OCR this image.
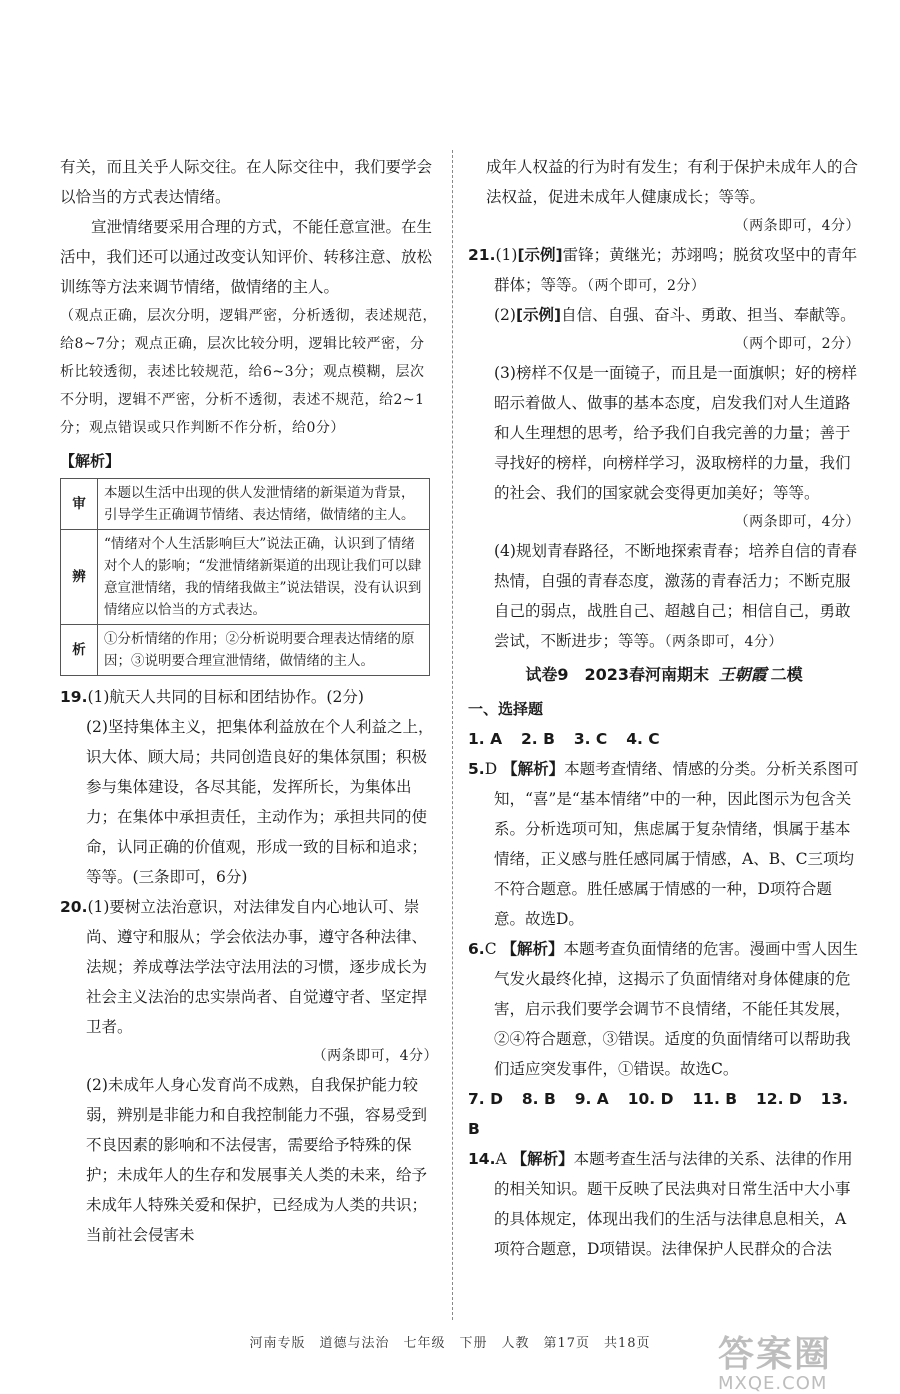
有关，而且关乎人际交往。在人际交往中，我们要学会以恰当的方式表达情绪。

宣泄情绪要采用合理的方式，不能任意宣泄。在生活中，我们还可以通过改变认知评价、转移注意、放松训练等方法来调节情绪，做情绪的主人。

（观点正确，层次分明，逻辑严密，分析透彻，表述规范，给8~7分；观点正确，层次比较分明，逻辑比较严密，分析比较透彻，表述比较规范，给6~3分；观点模糊，层次不分明，逻辑不严密，分析不透彻，表述不规范，给2~1分；观点错误或只作判断不作分析，给0分）

【解析】
审	本题以生活中出现的供人发泄情绪的新渠道为背景，引导学生正确调节情绪、表达情绪，做情绪的主人。
辨	“情绪对个人生活影响巨大”说法正确，认识到了情绪对个人的影响；“发泄情绪新渠道的出现让我们可以肆意宣泄情绪，我的情绪我做主”说法错误，没有认识到情绪应以恰当的方式表达。
析	①分析情绪的作用；②分析说明要合理表达情绪的原因；③说明要合理宣泄情绪，做情绪的主人。

19.(1)航天人共同的目标和团结协作。(2分)

(2)坚持集体主义，把集体利益放在个人利益之上，识大体、顾大局；共同创造良好的集体氛围；积极参与集体建设，各尽其能，发挥所长，为集体出力；在集体中承担责任，主动作为；承担共同的使命，认同正确的价值观，形成一致的目标和追求；等等。(三条即可，6分)

20.(1)要树立法治意识，对法律发自内心地认可、崇尚、遵守和服从；学会依法办事，遵守各种法律、法规；养成尊法学法守法用法的习惯，逐步成长为社会主义法治的忠实崇尚者、自觉遵守者、坚定捍卫者。

（两条即可，4分）

(2)未成年人身心发育尚不成熟，自我保护能力较弱，辨别是非能力和自我控制能力不强，容易受到不良因素的影响和不法侵害，需要给予特殊的保护；未成年人的生存和发展事关人类的未来，给予未成年人特殊关爱和保护，已经成为人类的共识；当前社会侵害未

成年人权益的行为时有发生；有利于保护未成年人的合法权益，促进未成年人健康成长；等等。

（两条即可，4分）

21.(1)[示例]雷锋；黄继光；苏翊鸣；脱贫攻坚中的青年群体；等等。（两个即可，2分）

(2)[示例]自信、自强、奋斗、勇敢、担当、奉献等。

（两个即可，2分）

(3)榜样不仅是一面镜子，而且是一面旗帜；好的榜样昭示着做人、做事的基本态度，启发我们对人生道路和人生理想的思考，给予我们自我完善的力量；善于寻找好的榜样，向榜样学习，汲取榜样的力量，我们的社会、我们的国家就会变得更加美好；等等。

（两条即可，4分）

(4)规划青春路径，不断地探索青春；培养自信的青春热情，自强的青春态度，激荡的青春活力；不断克服自己的弱点，战胜自己、超越自己；相信自己，勇敢尝试，不断进步；等等。（两条即可，4分）

试卷9　2023春河南期末 王朝霞 二模
一、选择题

1. A 2. B 3. C 4. C

5.D 【解析】本题考查情绪、情感的分类。分析关系图可知，“喜”是“基本情绪”中的一种，因此图示为包含关系。分析选项可知，焦虑属于复杂情绪，惧属于基本情绪，正义感与胜任感同属于情感，A、B、C三项均不符合题意。胜任感属于情感的一种，D项符合题意。故选D。

6.C 【解析】本题考查负面情绪的危害。漫画中雪人因生气发火最终化掉，这揭示了负面情绪对身体健康的危害，启示我们要学会调节不良情绪，不能任其发展，②④符合题意，③错误。适度的负面情绪可以帮助我们适应突发事件，①错误。故选C。

7. D 8. B 9. A 10. D 11. B 12. D 13. B

14.A 【解析】本题考查生活与法律的关系、法律的作用的相关知识。题干反映了民法典对日常生活中大小事的具体规定，体现出我们的生活与法律息息相关，A项符合题意，D项错误。法律保护人民群众的合法

河南专版　道德与法治　七年级　下册　人教　第17页　共18页	答案圈
MXQE.COM
